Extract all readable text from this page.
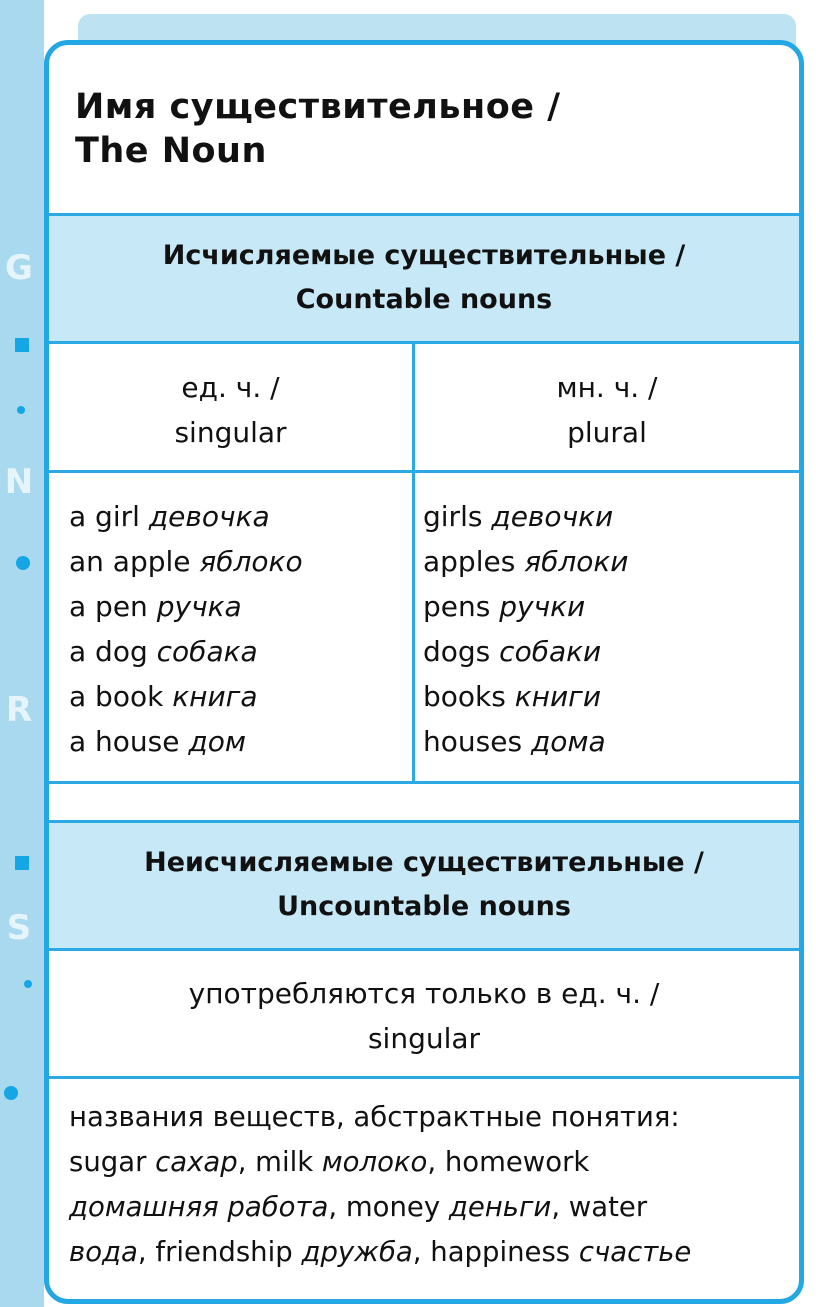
G
N
R
S
Имя существительное /
The Noun
Исчисляемые существительные /
Countable nouns
ед. ч. /
singular
мн. ч. /
plural
a girl девочка
an apple яблоко
a pen ручка
a dog собака
a book книга
a house дом
girls девочки
apples яблоки
pens ручки
dogs собаки
books книги
houses дома
Неисчисляемые существительные /
Uncountable nouns
употребляются только в ед. ч. /
singular

названия веществ, абстрактные понятия:
sugar сахар, milk молоко, homework
домашняя работа, money деньги, water
вода, friendship дружба, happiness счастье
